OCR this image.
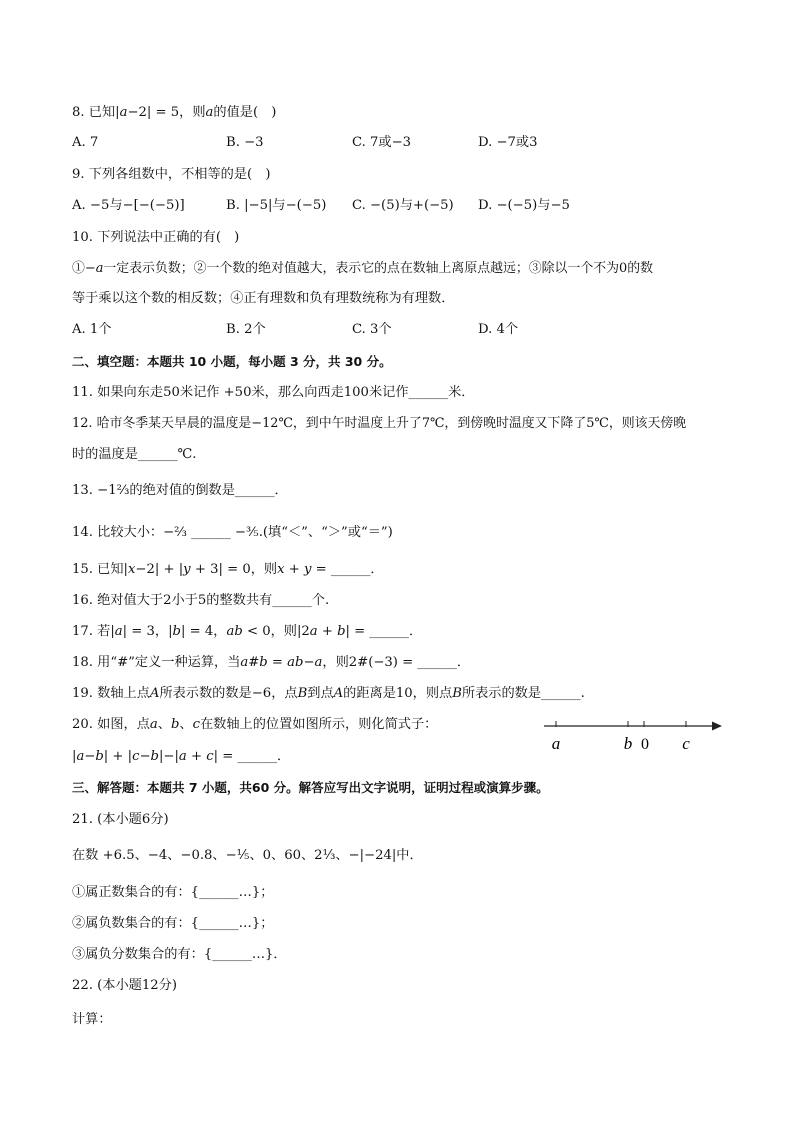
8. 已知|𝑎−2| = 5，则𝑎的值是(　)
A. 7	B. −3	C. 7或−3	D. −7或3
9. 下列各组数中，不相等的是(　)
A. −5与−[−(−5)]	B. |−5|与−(−5) C. −(5)与+(−5) D. −(−5)与−5
10. 下列说法中正确的有(　)
①−𝑎一定表示负数；②一个数的绝对值越大，表示它的点在数轴上离原点越远；③除以一个不为0的数
等于乘以这个数的相反数；④正有理数和负有理数统称为有理数．
A. 1个	B. 2个	C. 3个	D. 4个
二、填空题：本题共 10 小题，每小题 3 分，共 30 分。
11. 如果向东走50米记作 +50米，那么向西走100米记作______米．
12. 哈市冬季某天早晨的温度是−12℃，到中午时温度上升了7℃，到傍晚时温度又下降了5℃，则该天傍晚
时的温度是______℃.
13. −1⅔的绝对值的倒数是______．
14. 比较大小：−⅔ ______ −⅗.(填“＜”、“＞”或“＝”)
15. 已知|𝑥−2| + |𝑦 + 3| = 0，则𝑥 + 𝑦 = ______．
16. 绝对值大于2小于5的整数共有______个.
17. 若|𝑎| = 3，|𝑏| = 4，𝑎𝑏 < 0，则|2𝑎 + 𝑏| = ______．
18. 用“#”定义一种运算，当𝑎#𝑏 = 𝑎𝑏−𝑎，则2#(−3) = ______．
19. 数轴上点𝐴所表示数的数是−6，点𝐵到点𝐴的距离是10，则点𝐵所表示的数是______.
20. 如图，点𝑎、𝑏、𝑐在数轴上的位置如图所示，则化简式子：
|𝑎−𝑏| + |𝑐−𝑏|−|𝑎 + 𝑐| = ______．
a	b 0 c
三、解答题：本题共 7 小题，共60 分。解答应写出文字说明，证明过程或演算步骤。
21. (本小题6分)
在数 +6.5、−4、−0.8、−⅕、0、60、2⅓、−|−24|中．
①属正数集合的有：{______…}；
②属负数集合的有：{______…}；
③属负分数集合的有：{______…}．
22. (本小题12分)
计算：
